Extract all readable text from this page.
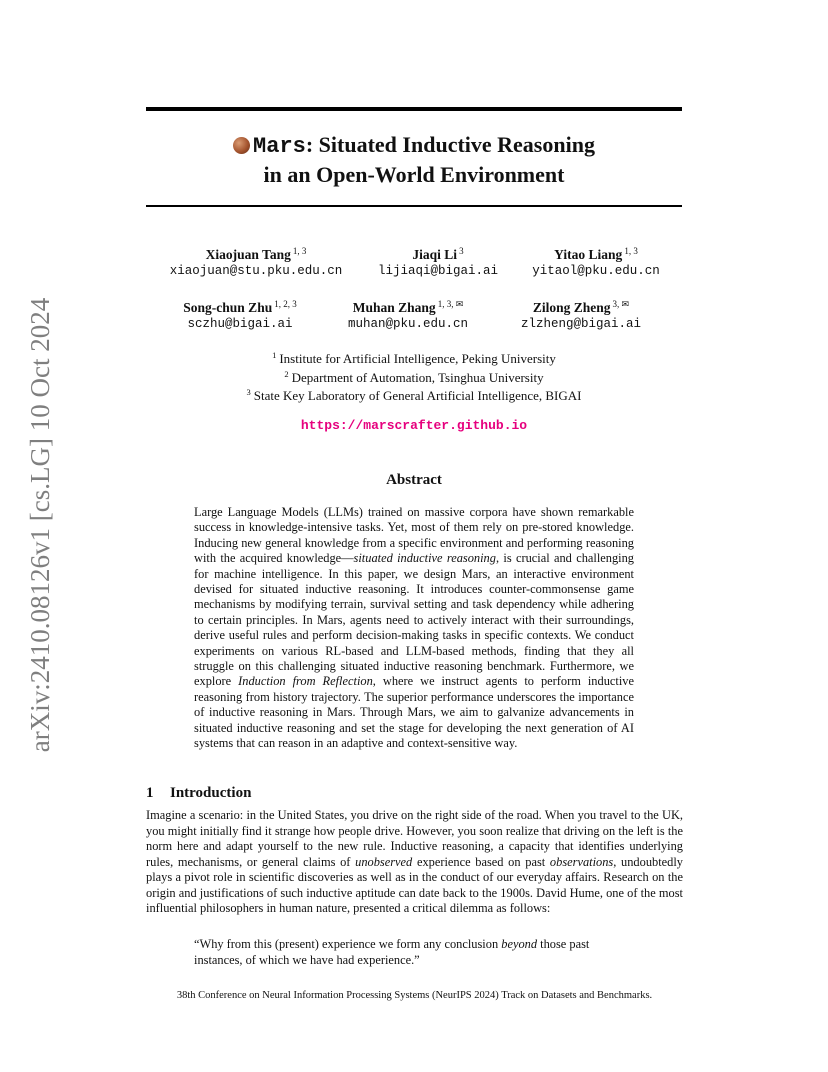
arXiv:2410.08126v1 [cs.LG] 10 Oct 2024
Mars: Situated Inductive Reasoning
in an Open-World Environment
Xiaojuan Tang $^{1, 3}$
xiaojuan@stu.pku.edu.cn
Jiaqi Li $^3$
lijiaqi@bigai.ai
Yitao Liang $^{1, 3}$
yitaol@pku.edu.cn
Song-chun Zhu $^{1, 2, 3}$
sczhu@bigai.ai
Muhan Zhang $^{1, 3, ✉}$
muhan@pku.edu.cn
Zilong Zheng $^{3, ✉}$
zlzheng@bigai.ai
$^1$ Institute for Artificial Intelligence, Peking University
$^2$ Department of Automation, Tsinghua University
$^3$ State Key Laboratory of General Artificial Intelligence, BIGAI
https://marscrafter.github.io
Abstract
Large Language Models (LLMs) trained on massive corpora have shown remarkable success in knowledge-intensive tasks. Yet, most of them rely on pre-stored knowledge. Inducing new general knowledge from a specific environment and performing reasoning with the acquired knowledge—situated inductive reasoning, is crucial and challenging for machine intelligence. In this paper, we design Mars, an interactive environment devised for situated inductive reasoning. It introduces counter-commonsense game mechanisms by modifying terrain, survival setting and task dependency while adhering to certain principles. In Mars, agents need to actively interact with their surroundings, derive useful rules and perform decision-making tasks in specific contexts. We conduct experiments on various RL-based and LLM-based methods, finding that they all struggle on this challenging situated inductive reasoning benchmark. Furthermore, we explore Induction from Reflection, where we instruct agents to perform inductive reasoning from history trajectory. The superior performance underscores the importance of inductive reasoning in Mars. Through Mars, we aim to galvanize advancements in situated inductive reasoning and set the stage for developing the next generation of AI systems that can reason in an adaptive and context-sensitive way.
1 Introduction
Imagine a scenario: in the United States, you drive on the right side of the road. When you travel to the UK, you might initially find it strange how people drive. However, you soon realize that driving on the left is the norm here and adapt yourself to the new rule. Inductive reasoning, a capacity that identifies underlying rules, mechanisms, or general claims of unobserved experience based on past observations, undoubtedly plays a pivot role in scientific discoveries as well as in the conduct of our everyday affairs. Research on the origin and justifications of such inductive aptitude can date back to the 1900s. David Hume, one of the most influential philosophers in human nature, presented a critical dilemma as follows:
“Why from this (present) experience we form any conclusion beyond those past instances, of which we have had experience.”
38th Conference on Neural Information Processing Systems (NeurIPS 2024) Track on Datasets and Benchmarks.
